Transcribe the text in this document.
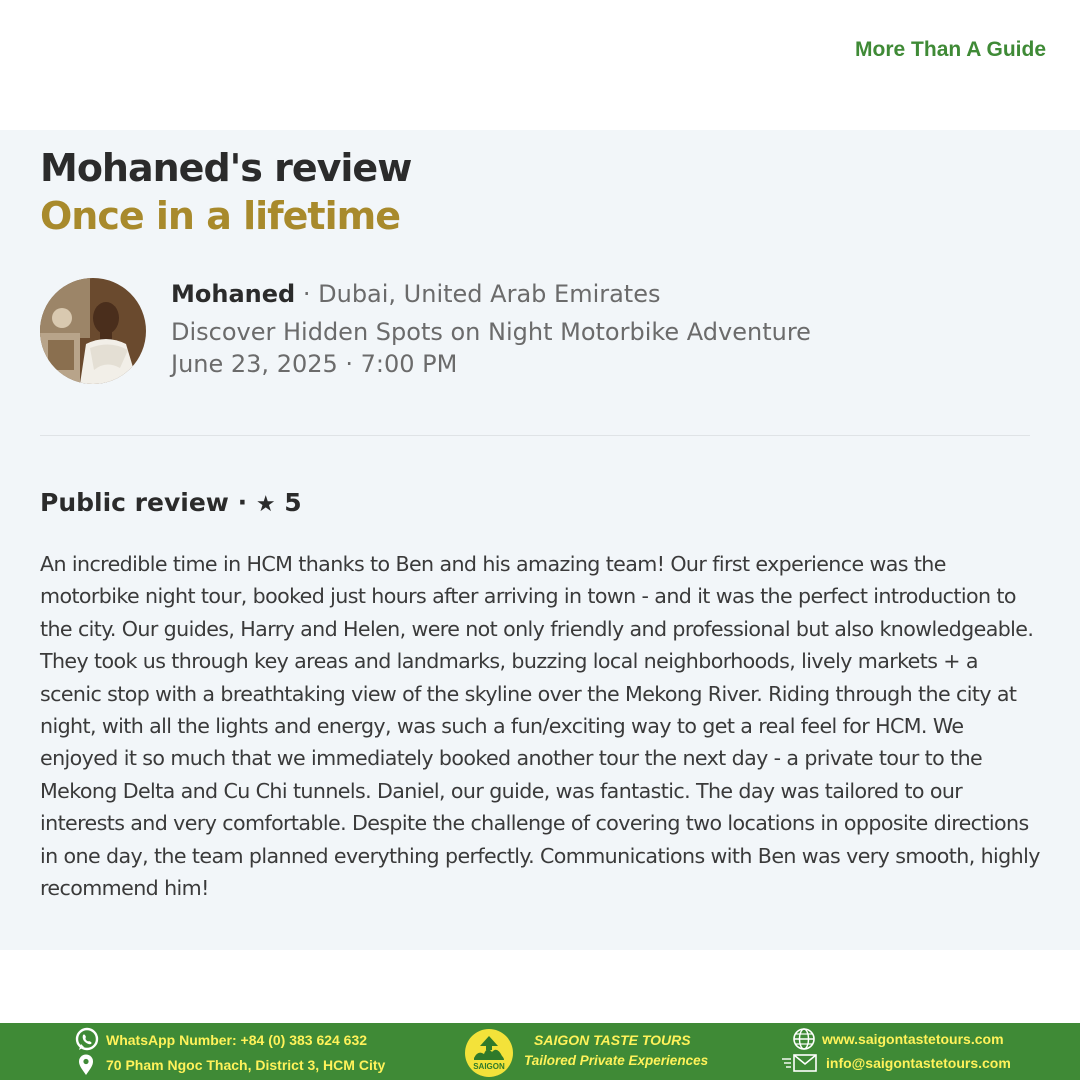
More Than A Guide
Mohaned's review
Once in a lifetime
Mohaned · Dubai, United Arab Emirates
Discover Hidden Spots on Night Motorbike Adventure
June 23, 2025 · 7:00 PM
Public review · ★ 5
An incredible time in HCM thanks to Ben and his amazing team! Our first experience was the motorbike night tour, booked just hours after arriving in town - and it was the perfect introduction to the city. Our guides, Harry and Helen, were not only friendly and professional but also knowledgeable. They took us through key areas and landmarks, buzzing local neighborhoods, lively markets + a scenic stop with a breathtaking view of the skyline over the Mekong River. Riding through the city at night, with all the lights and energy, was such a fun/exciting way to get a real feel for HCM. We enjoyed it so much that we immediately booked another tour the next day - a private tour to the Mekong Delta and Cu Chi tunnels. Daniel, our guide, was fantastic. The day was tailored to our interests and very comfortable. Despite the challenge of covering two locations in opposite directions in one day, the team planned everything perfectly. Communications with Ben was very smooth, highly recommend him!
WhatsApp Number: +84 (0) 383 624 632
70 Pham Ngoc Thach, District 3, HCM City	SAIGON
SAIGON TASTE TOURS
Tailored Private Experiences
www.saigontastetours.com
info@saigontastetours.com
